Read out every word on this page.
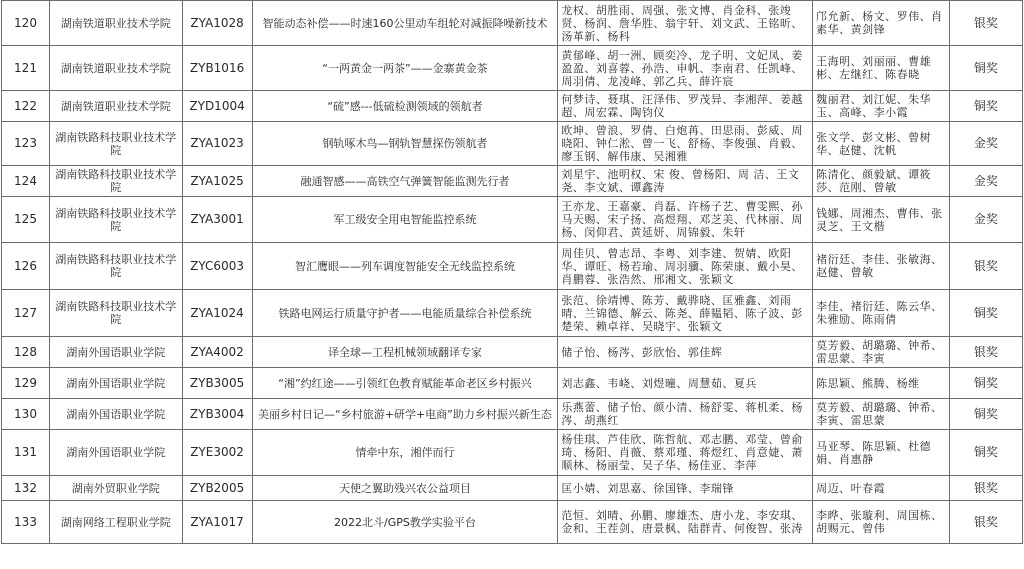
120	湖南铁道职业技术学院	ZYA1028	智能动态补偿——时速160公里动车组轮对减振降噪新技术	龙权、胡胜雨、周强、张文博、肖金科、张竣贤、杨润、詹华胜、翁宇轩、刘文武、王铭昕、汤革新、杨科	邝允新、杨文、罗伟、肖素华、黄剑锋	银奖
121	湖南铁道职业技术学院	ZYB1016	“一两黄金一两茶”——金寨黄金茶	黄郁峰、胡一洲、顾奕冷、龙子明、文妃凤、姜盈盈、刘喜蓉、孙浩、申帆、李南君、任凯峰、周羽倩、龙凌峰、郭乙兵、薛许宸	王海明、刘丽丽、曹雄彬、左继红、陈春晓	铜奖
122	湖南铁道职业技术学院	ZYD1004	“硫”感---低硫检测领域的领航者	何梦诗、聂琪、汪泽伟、罗茂异、李湘萍、姜越超、周宏霖、陶钧仪	魏丽君、刘江妮、朱华玉、高峰、李小霞	铜奖
123	湖南铁路科技职业技术学院	ZYA1023	钢轨啄木鸟—钢轨智慧探伤领航者	欧坤、曾浪、罗倩、白炮苒、田思雨、彭威、周晓阳、钟仁淞、曾一飞、舒杨、李俊强、肖毅、廖玉钢、解伟康、吴湘雅	张文学、彭文彬、曾树华、赵健、沈帆	金奖
124	湖南铁路科技职业技术学院	ZYA1025	融通智感——高铁空气弹簧智能监测先行者	刘星宇、池明权、宋 俊、曾杨阳、周 洁、王文尧、李文斌、谭鑫涛	陈清化、颜毅斌、谭筱莎、范刚、曾敏	金奖
125	湖南铁路科技职业技术学院	ZYA3001	军工级安全用电智能监控系统	王亦龙、王嘉豪、肖磊、许杨子艺、曹雯熙、孙马天赐、宋子扬、高煜翔、邓芝美、代林丽、周杨、闵仰君、黄延妍、周锦毅、朱轩	钱娜、周湘杰、曹伟、张灵芝、王文楷	金奖
126	湖南铁路科技职业技术学院	ZYC6003	智汇鹰眼——列车调度智能安全无线监控系统	周佳贝、曾志昂、李粤、刘李建、贺婧、欧阳华、谭旺、杨若瑜、周羽骥、陈荣康、戴小昊、肖鹏蓉、张浩然、邢湘文、张颖文	褚衍廷、李佳、张敏海、赵健、曾敏	银奖
127	湖南铁路科技职业技术学院	ZYA1024	铁路电网运行质量守护者——电能质量综合补偿系统	张范、徐靖博、陈芳、戴骅晓、匡雅鑫、刘雨晴、兰锦德、解云、陈尧、薛韫韬、陈子波、彭楚荣、赖卓祥、吴晓宇、张颖文	李佳、褚衍廷、陈云华、朱雅励、陈雨倩	铜奖
128	湖南外国语职业学院	ZYA4002	译全球—工程机械领域翻译专家	储子怡、杨涔、彭欣怡、郭佳辉	莫芳毅、胡璐璐、钟希、雷思蒙、李寅	银奖
129	湖南外国语职业学院	ZYB3005	“湘”约红途——引领红色教育赋能革命老区乡村振兴	刘志鑫、韦峣、刘煜曈、周慧茹、夏兵	陈思颖、熊腾、杨维	铜奖
130	湖南外国语职业学院	ZYB3004	美丽乡村日记—“乡村旅游+研学+电商”助力乡村振兴新生态	乐燕蕾、储子怡、颜小清、杨舒雯、蒋机柔、杨涔、胡燕红	莫芳毅、胡璐璐、钟希、李寅、雷思蒙	铜奖
131	湖南外国语职业学院	ZYE3002	情牵中东，湘伴而行	杨佳琪、芦佳欣、陈哲航、邓志鹏、邓莹、曾俞琦、杨阳、肖薇、蔡邓瑾、蒋煜红、肖意婕、萧顺林、杨丽莹、吴子华、杨佳亚、李萍	马亚琴、陈思颖、杜德娟、肖惠静	铜奖
132	湖南外贸职业学院	ZYB2005	天使之翼助残兴农公益项目	匡小婧、刘思嘉、徐国锋、李瑞锋	周迈、叶春霞	银奖
133	湖南网络工程职业学院	ZYA1017	2022北斗/GPS教学实验平台	范恒、刘晴、孙鹏、廖雄杰、唐小龙、李安琪、金和、王茬剑、唐景枫、陆群青、何俊智、张涛	李晔、张璇利、周国栋、胡赐元、曾伟	银奖
